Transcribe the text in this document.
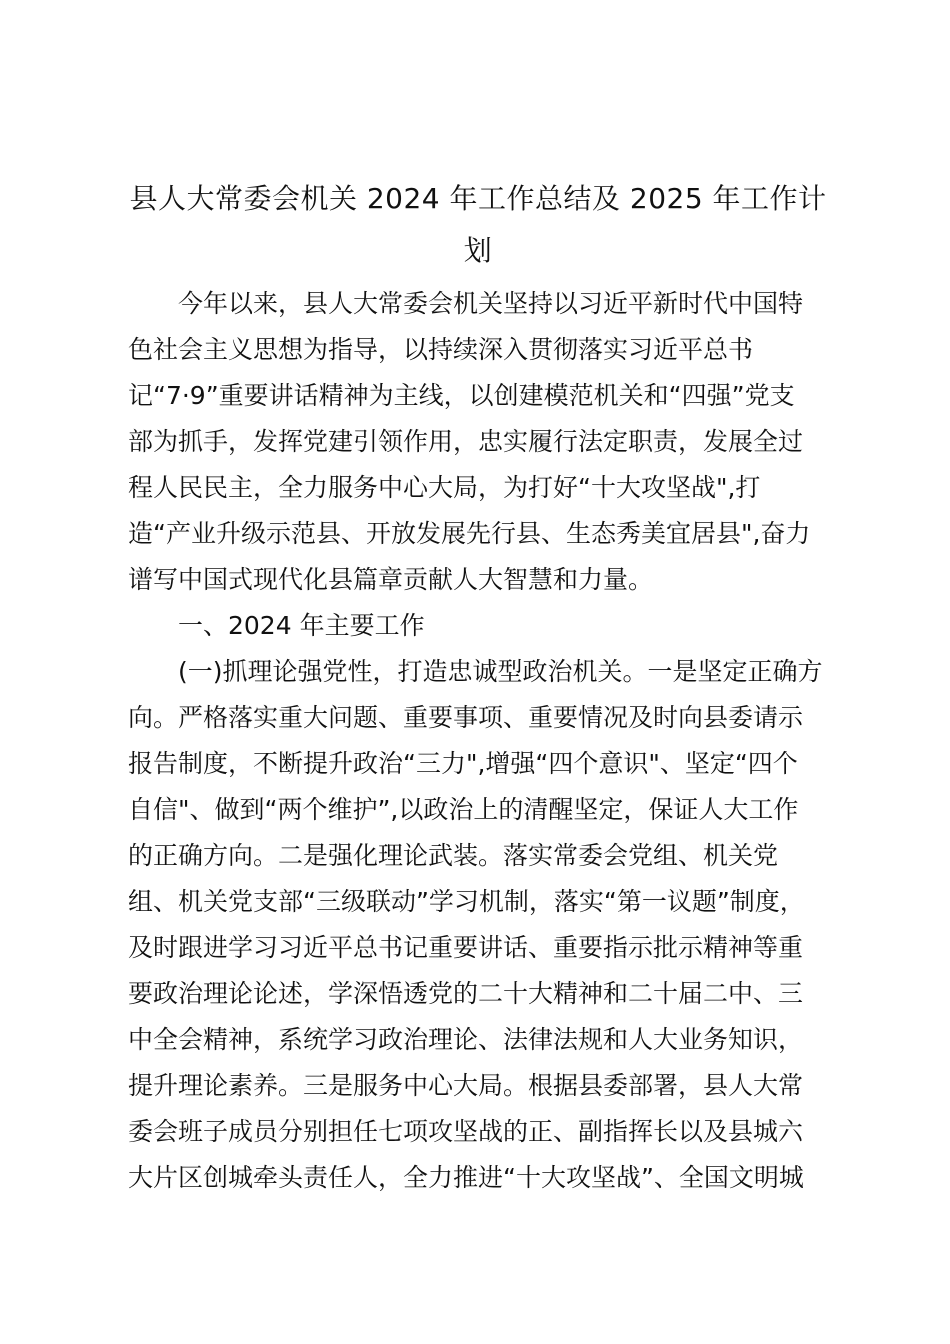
县人大常委会机关 2024 年工作总结及 2025 年工作计
划
今年以来，县人大常委会机关坚持以习近平新时代中国特
色社会主义思想为指导，以持续深入贯彻落实习近平总书
记“7·9”重要讲话精神为主线，以创建模范机关和“四强”党支
部为抓手，发挥党建引领作用，忠实履行法定职责，发展全过
程人民民主，全力服务中心大局，为打好“十大攻坚战",打
造“产业升级示范县、开放发展先行县、生态秀美宜居县",奋力
谱写中国式现代化县篇章贡献人大智慧和力量。
一、2024 年主要工作
(一)抓理论强党性，打造忠诚型政治机关。一是坚定正确方
向。严格落实重大问题、重要事项、重要情况及时向县委请示
报告制度，不断提升政治“三力",增强“四个意识"、坚定“四个
自信"、做到“两个维护”,以政治上的清醒坚定，保证人大工作
的正确方向。二是强化理论武装。落实常委会党组、机关党
组、机关党支部“三级联动”学习机制，落实“第一议题”制度，
及时跟进学习习近平总书记重要讲话、重要指示批示精神等重
要政治理论论述，学深悟透党的二十大精神和二十届二中、三
中全会精神，系统学习政治理论、法律法规和人大业务知识，
提升理论素养。三是服务中心大局。根据县委部署，县人大常
委会班子成员分别担任七项攻坚战的正、副指挥长以及县城六
大片区创城牵头责任人，全力推进“十大攻坚战”、全国文明城
